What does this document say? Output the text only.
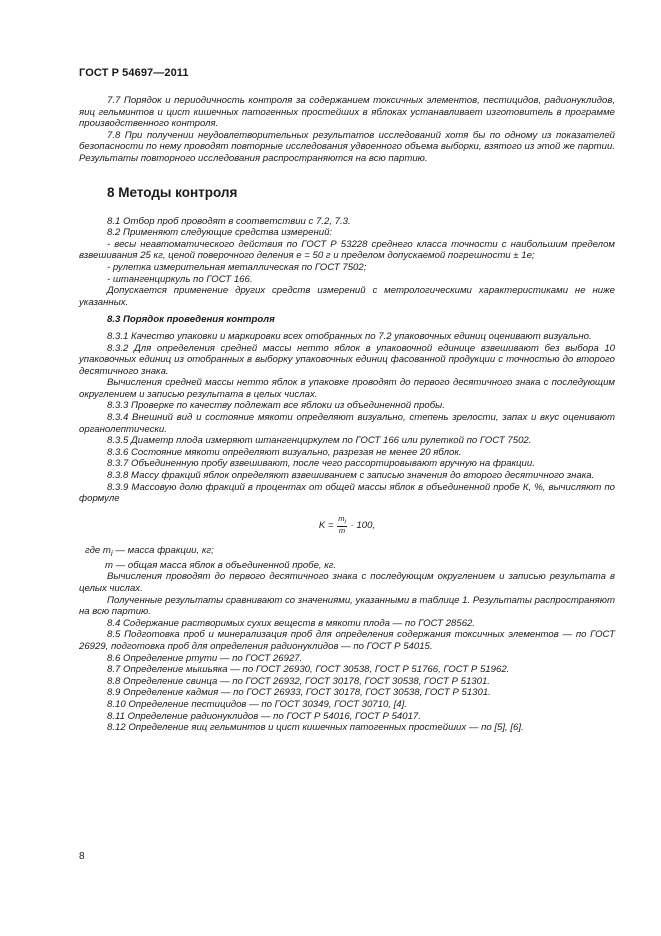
ГОСТ Р 54697—2011

7.7 Порядок и периодичность контроля за содержанием токсичных элементов, пестицидов, радионуклидов, яиц гельминтов и цист кишечных патогенных простейших в яблоках устанавливает изготовитель в программе производственного контроля.

7.8 При получении неудовлетворительных результатов исследований хотя бы по одному из показателей безопасности по нему проводят повторные исследования удвоенного объема выборки, взятого из этой же партии. Результаты повторного исследования распространяются на всю партию.

8 Методы контроля

8.1 Отбор проб проводят в соответствии с 7.2, 7.3.

8.2 Применяют следующие средства измерений:

- весы неавтоматического действия по ГОСТ Р 53228 среднего класса точности с наибольшим пределом взвешивания 25 кг, ценой поверочного деления e = 50 г и пределом допускаемой погрешности ± 1e;

- рулетка измерительная металлическая по ГОСТ 7502;

- штангенциркуль по ГОСТ 166.

Допускается применение других средств измерений с метрологическими характеристиками не ниже указанных.

8.3 Порядок проведения контроля

8.3.1 Качество упаковки и маркировки всех отобранных по 7.2 упаковочных единиц оценивают визуально.

8.3.2 Для определения средней массы нетто яблок в упаковочной единице взвешивают без выбора 10 упаковочных единиц из отобранных в выборку упаковочных единиц фасованной продукции с точностью до второго десятичного знака.

Вычисления средней массы нетто яблок в упаковке проводят до первого десятичного знака с последующим округлением и записью результата в целых числах.

8.3.3 Проверке по качеству подлежат все яблоки из объединенной пробы.

8.3.4 Внешний вид и состояние мякоти определяют визуально, степень зрелости, запах и вкус оценивают органолептически.

8.3.5 Диаметр плода измеряют штангенциркулем по ГОСТ 166 или рулеткой по ГОСТ 7502.

8.3.6 Состояние мякоти определяют визуально, разрезая не менее 20 яблок.

8.3.7 Объединенную пробу взвешивают, после чего рассортировывают вручную на фракции.

8.3.8 Массу фракций яблок определяют взвешиванием с записью значения до второго десятичного знака.

8.3.9 Массовую долю фракций в процентах от общей массы яблок в объединенной пробе К, %, вычисляют по формуле

$K = \frac{m_i}{m} \cdot 100$,

где $m_i$ — масса фракции, кг;

m — общая масса яблок в объединенной пробе, кг.

Вычисления проводят до первого десятичного знака с последующим округлением и записью результата в целых числах.

Полученные результаты сравнивают со значениями, указанными в таблице 1. Результаты распространяют на всю партию.

8.4 Содержание растворимых сухих веществ в мякоти плода — по ГОСТ 28562.

8.5 Подготовка проб и минерализация проб для определения содержания токсичных элементов — по ГОСТ 26929, подготовка проб для определения радионуклидов — по ГОСТ Р 54015.

8.6 Определение ртути — по ГОСТ 26927.

8.7 Определение мышьяка — по ГОСТ 26930, ГОСТ 30538, ГОСТ Р 51766, ГОСТ Р 51962.

8.8 Определение свинца — по ГОСТ 26932, ГОСТ 30178, ГОСТ 30538, ГОСТ Р 51301.

8.9 Определение кадмия — по ГОСТ 26933, ГОСТ 30178, ГОСТ 30538, ГОСТ Р 51301.

8.10 Определение пестицидов — по ГОСТ 30349, ГОСТ 30710, [4].

8.11 Определение радионуклидов — по ГОСТ Р 54016, ГОСТ Р 54017.

8.12 Определение яиц гельминтов и цист кишечных патогенных простейших — по [5], [6].

8
